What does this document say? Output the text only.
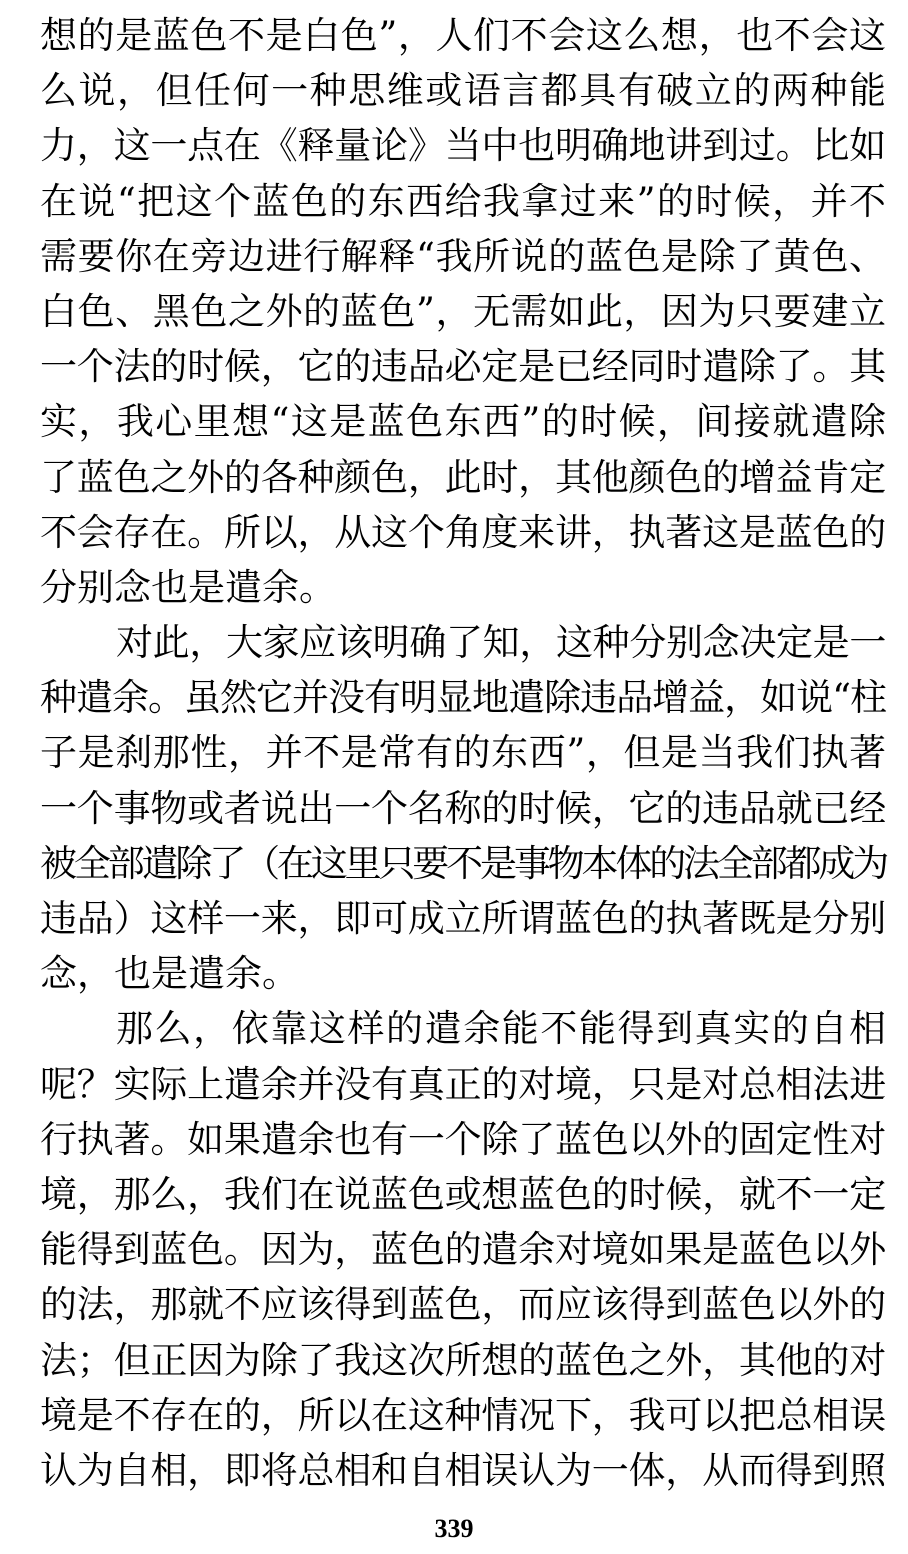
想的是蓝色不是白色”，人们不会这么想，也不会这
么说，但任何一种思维或语言都具有破立的两种能
力，这一点在《释量论》当中也明确地讲到过。比如
在说“把这个蓝色的东西给我拿过来”的时候，并不
需要你在旁边进行解释“我所说的蓝色是除了黄色、
白色、黑色之外的蓝色”，无需如此，因为只要建立
一个法的时候，它的违品必定是已经同时遣除了。其
实，我心里想“这是蓝色东西”的时候，间接就遣除
了蓝色之外的各种颜色，此时，其他颜色的增益肯定
不会存在。所以，从这个角度来讲，执著这是蓝色的
分别念也是遣余。
对此，大家应该明确了知，这种分别念决定是一
种遣余。虽然它并没有明显地遣除违品增益，如说“柱
子是刹那性，并不是常有的东西”，但是当我们执著
一个事物或者说出一个名称的时候，它的违品就已经
被全部遣除了（在这里只要不是事物本体的法全部都成为
违品）这样一来，即可成立所谓蓝色的执著既是分别
念，也是遣余。
那么，依靠这样的遣余能不能得到真实的自相
呢？实际上遣余并没有真正的对境，只是对总相法进
行执著。如果遣余也有一个除了蓝色以外的固定性对
境，那么，我们在说蓝色或想蓝色的时候，就不一定
能得到蓝色。因为，蓝色的遣余对境如果是蓝色以外
的法，那就不应该得到蓝色，而应该得到蓝色以外的
法；但正因为除了我这次所想的蓝色之外，其他的对
境是不存在的，所以在这种情况下，我可以把总相误
认为自相，即将总相和自相误认为一体，从而得到照
339
